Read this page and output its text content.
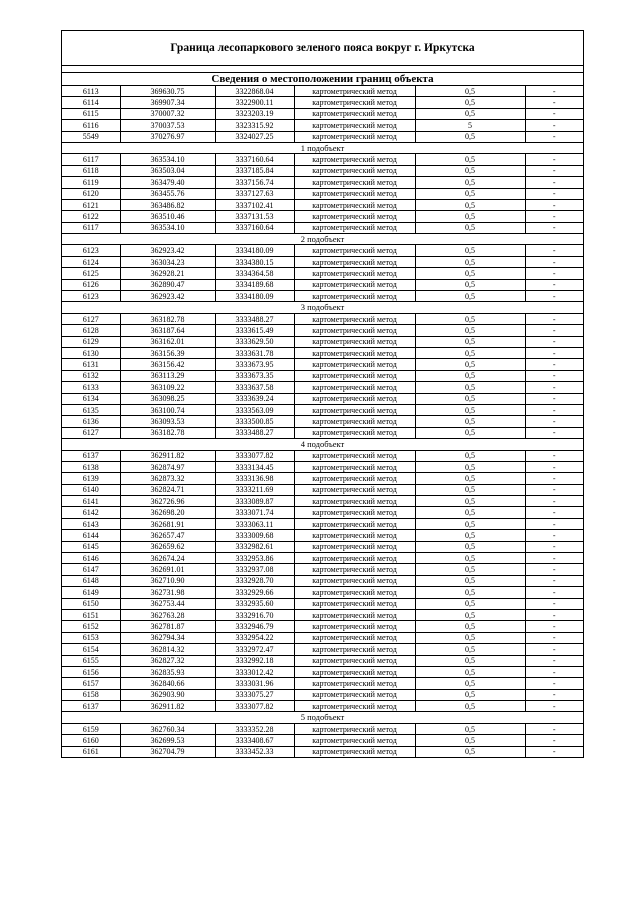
Граница лесопаркового зеленого пояса вокруг г. Иркутска
Сведения о местоположении границ объекта
6113	369630.75	3322868.04	картометрический метод	0,5	-
6114	369907.34	3322900.11	картометрический метод	0,5	-
6115	370007.32	3323203.19	картометрический метод	0,5	-
6116	370037.53	3323315.92	картометрический метод	5	-
5549	370276.97	3324027.25	картометрический метод	0,5	-
1 подобъект					
6117	363534.10	3337160.64	картометрический метод	0,5	-
6118	363503.04	3337185.84	картометрический метод	0,5	-
6119	363479.40	3337156.74	картометрический метод	0,5	-
6120	363455.76	3337127.63	картометрический метод	0,5	-
6121	363486.82	3337102.41	картометрический метод	0,5	-
6122	363510.46	3337131.53	картометрический метод	0,5	-
6117	363534.10	3337160.64	картометрический метод	0,5	-
2 подобъект					
6123	362923.42	3334180.09	картометрический метод	0,5	-
6124	363034.23	3334380.15	картометрический метод	0,5	-
6125	362928.21	3334364.58	картометрический метод	0,5	-
6126	362890.47	3334189.68	картометрический метод	0,5	-
6123	362923.42	3334180.09	картометрический метод	0,5	-
3 подобъект					
6127	363182.78	3333488.27	картометрический метод	0,5	-
6128	363187.64	3333615.49	картометрический метод	0,5	-
6129	363162.01	3333629.50	картометрический метод	0,5	-
6130	363156.39	3333631.78	картометрический метод	0,5	-
6131	363156.42	3333673.95	картометрический метод	0,5	-
6132	363113.29	3333673.35	картометрический метод	0,5	-
6133	363109.22	3333637.58	картометрический метод	0,5	-
6134	363098.25	3333639.24	картометрический метод	0,5	-
6135	363100.74	3333563.09	картометрический метод	0,5	-
6136	363093.53	3333500.85	картометрический метод	0,5	-
6127	363182.78	3333488.27	картометрический метод	0,5	-
4 подобъект					
6137	362911.82	3333077.82	картометрический метод	0,5	-
6138	362874.97	3333134.45	картометрический метод	0,5	-
6139	362873.32	3333136.98	картометрический метод	0,5	-
6140	362824.71	3333211.69	картометрический метод	0,5	-
6141	362726.96	3333089.87	картометрический метод	0,5	-
6142	362698.20	3333071.74	картометрический метод	0,5	-
6143	362681.91	3333063.11	картометрический метод	0,5	-
6144	362657.47	3333009.68	картометрический метод	0,5	-
6145	362659.62	3332982.61	картометрический метод	0,5	-
6146	362674.24	3332953.86	картометрический метод	0,5	-
6147	362691.01	3332937.08	картометрический метод	0,5	-
6148	362710.90	3332928.70	картометрический метод	0,5	-
6149	362731.98	3332929.66	картометрический метод	0,5	-
6150	362753.44	3332935.60	картометрический метод	0,5	-
6151	362763.28	3332916.70	картометрический метод	0,5	-
6152	362781.87	3332946.79	картометрический метод	0,5	-
6153	362794.34	3332954.22	картометрический метод	0,5	-
6154	362814.32	3332972.47	картометрический метод	0,5	-
6155	362827.32	3332992.18	картометрический метод	0,5	-
6156	362835.93	3333012.42	картометрический метод	0,5	-
6157	362840.66	3333031.96	картометрический метод	0,5	-
6158	362903.90	3333075.27	картометрический метод	0,5	-
6137	362911.82	3333077.82	картометрический метод	0,5	-
5 подобъект					
6159	362760.34	3333352.28	картометрический метод	0,5	-
6160	362699.53	3333408.67	картометрический метод	0,5	-
6161	362704.79	3333452.33	картометрический метод	0,5	-
